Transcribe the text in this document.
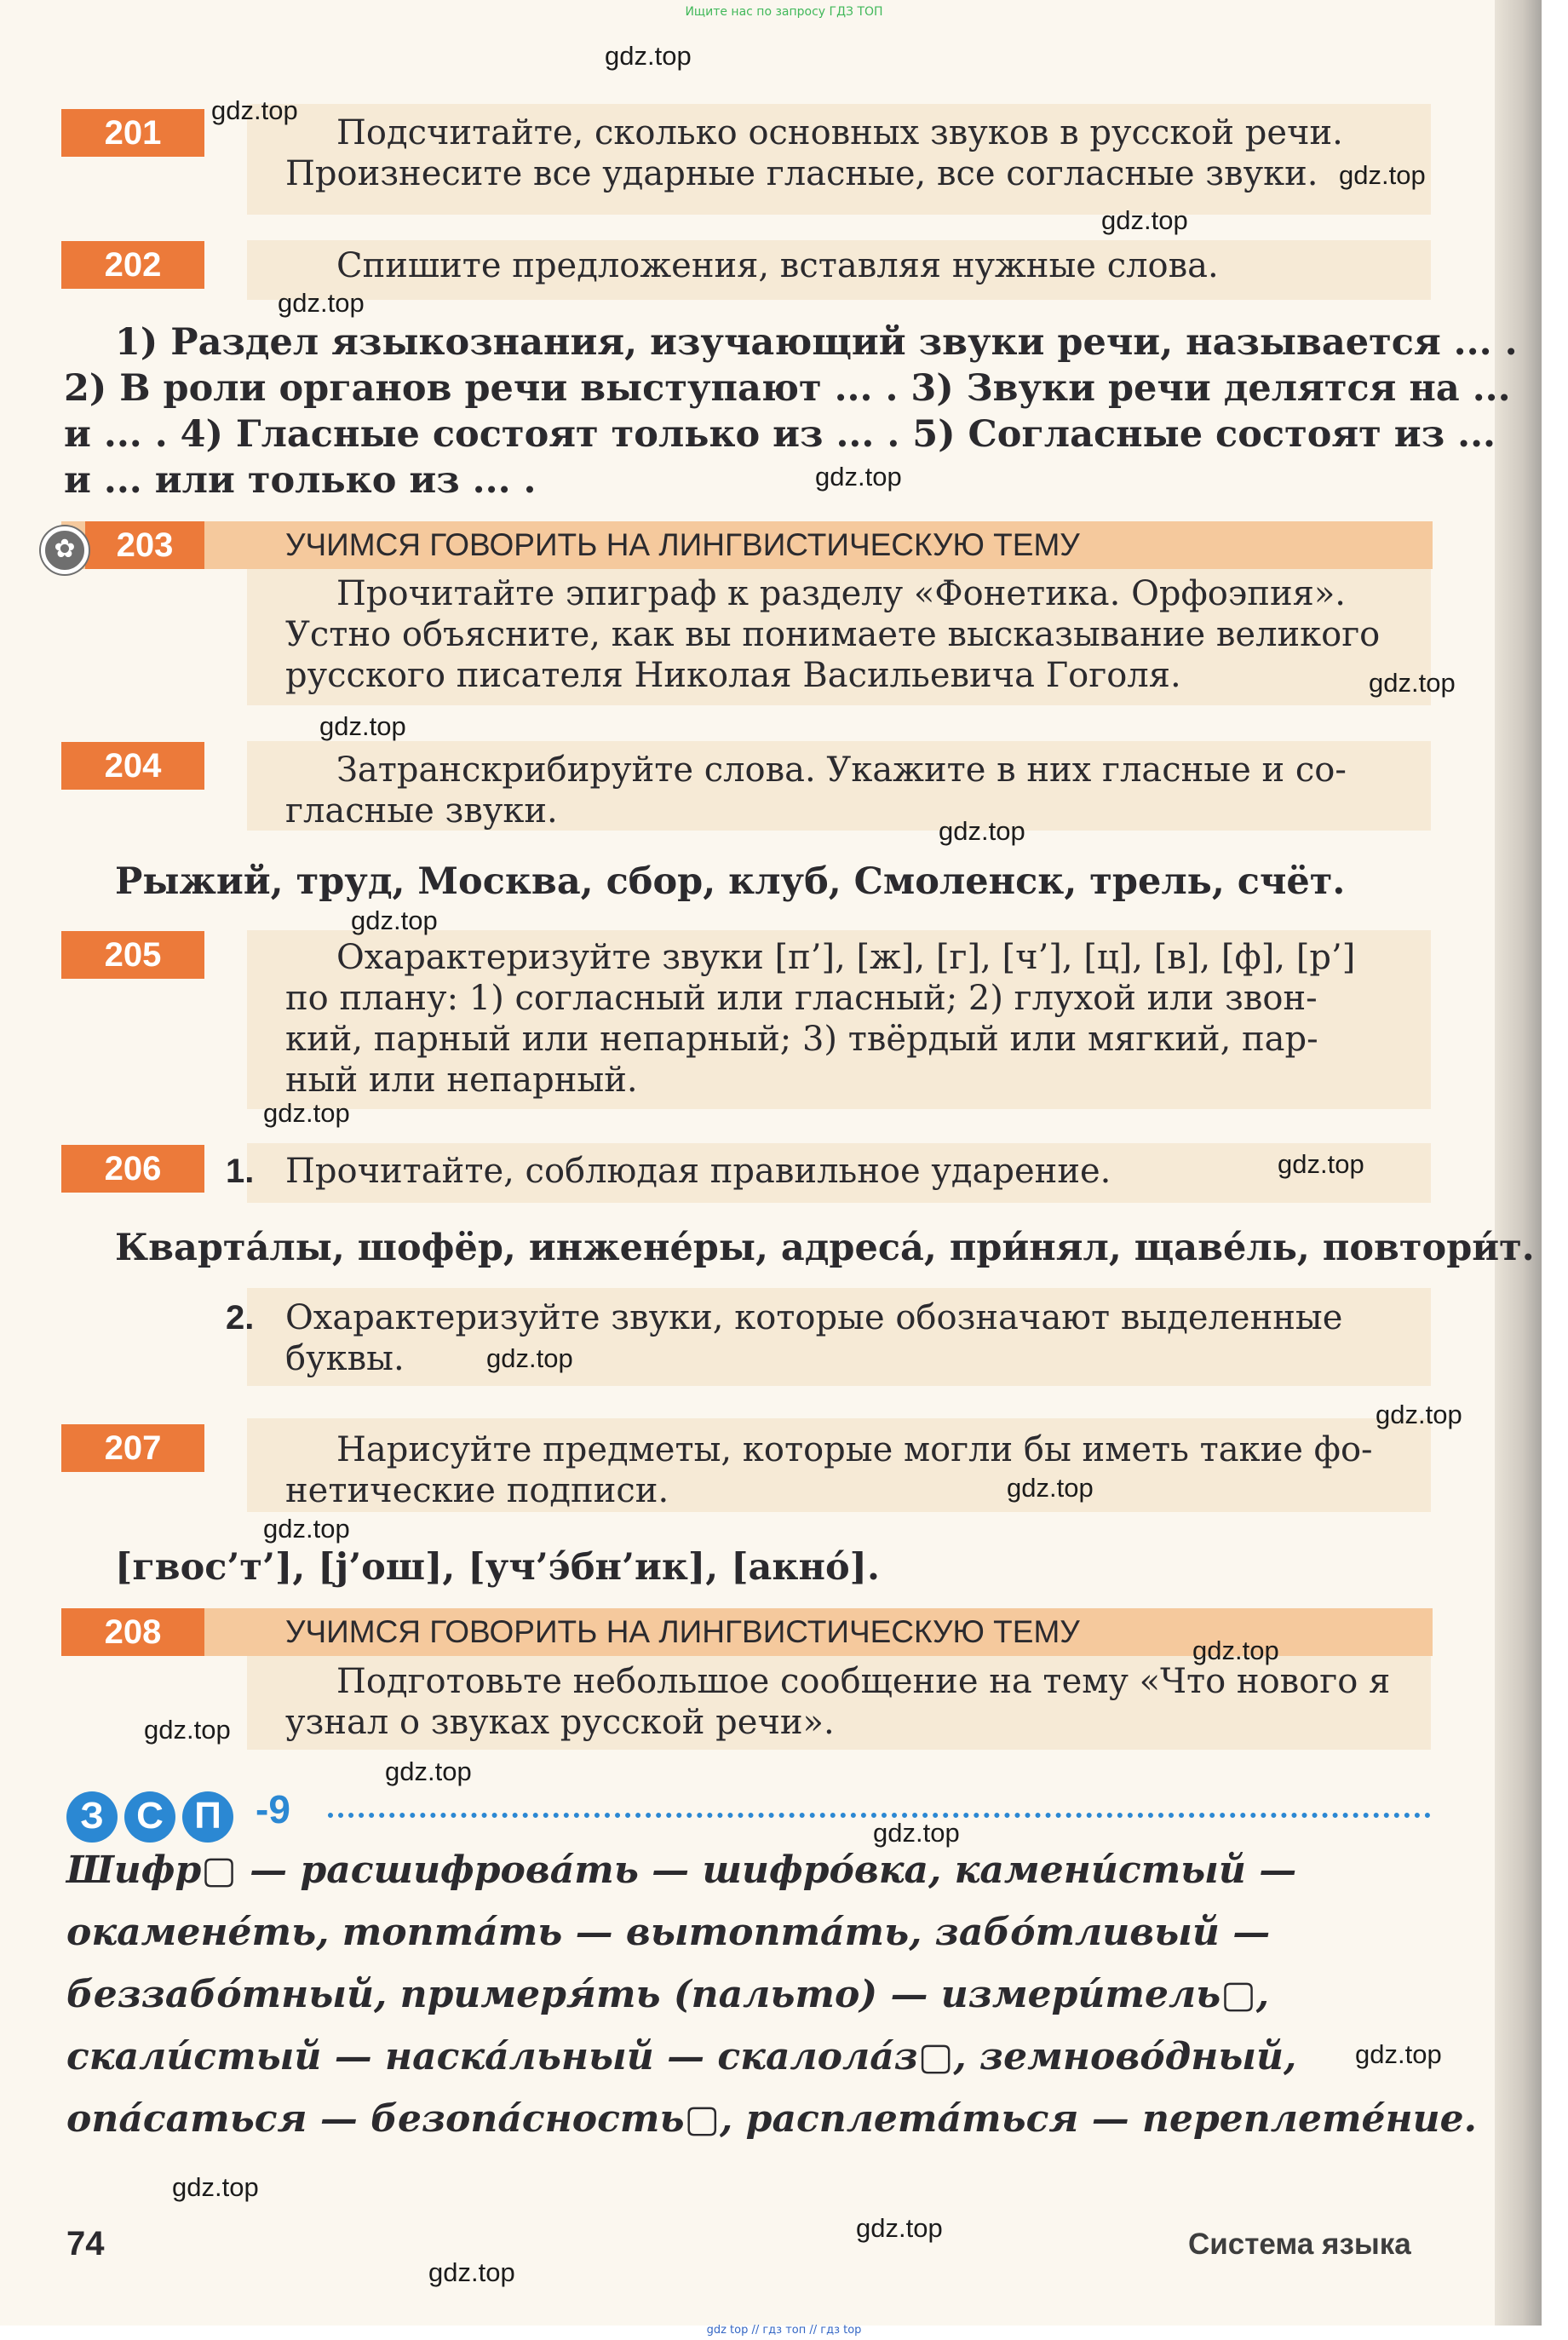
Ищите нас по запросу ГДЗ ТОП
201	Подсчитайте, сколько основных звуков в русской речи.
Произнесите все ударные гласные, все согласные звуки.
202	Спишите предложения, вставляя нужные слова.
1) Раздел языкознания, изучающий звуки речи, называется ... .
2) В роли органов речи выступают ... . 3) Звуки речи делятся на ...
и ... . 4) Гласные состоят только из ... . 5) Согласные состоят из ...
и ... или только из ... .
203
✿	УЧИМСЯ ГОВОРИТЬ НА ЛИНГВИСТИЧЕСКУЮ ТЕМУ
Прочитайте эпиграф к разделу «Фонетика. Орфоэпия».
Устно объясните, как вы понимаете высказывание великого
русского писателя Николая Васильевича Гоголя.
204	Затранскрибируйте слова. Укажите в них гласные и со-
гласные звуки.
Рыжий, труд, Москва, сбор, клуб, Смоленск, трель, счёт.
205	Охарактеризуйте звуки [п’], [ж], [г], [ч’], [ц], [в], [ф], [р’]
по плану: 1) согласный или гласный; 2) глухой или звон-
кий, парный или непарный; 3) твёрдый или мягкий, пар-
ный или непарный.
206	1. Прочитайте, соблюдая правильное ударение.
Кварта́лы, шофёр, инжене́ры, адреса́, при́нял, щаве́ль, повтори́т.
2. Охарактеризуйте звуки, которые обозначают выделенные
буквы.
207	Нарисуйте предметы, которые могли бы иметь такие фо-
нетические подписи.
[гвос’т’], [j’ош], [уч’э́бн’ик], [акно́].
208	УЧИМСЯ ГОВОРИТЬ НА ЛИНГВИСТИЧЕСКУЮ ТЕМУ
Подготовьте небольшое сообщение на тему «Что нового я
узнал о звуках русской речи».
З С П -9
Шифр▢ — расшифрова́ть — шифро́вка, камени́стый —
окамене́ть, топта́ть — вытопта́ть, забо́тливый —
беззабо́тный, примеря́ть (пальто) — измери́тель▢,
скали́стый — наска́льный — скалола́з▢, земново́дный,
опа́саться — безопа́сность▢, расплета́ться — переплете́ние.
74	Система языка
gdz.top
gdz.top
gdz.top
gdz.top
gdz.top
gdz.top
gdz.top
gdz.top
gdz.top
gdz.top
gdz.top
gdz.top
gdz.top
gdz.top
gdz.top
gdz.top
gdz.top
gdz.top
gdz.top
gdz.top
gdz.top
gdz.top
gdz.top
gdz.top
gdz top // гдз топ // гдз top
